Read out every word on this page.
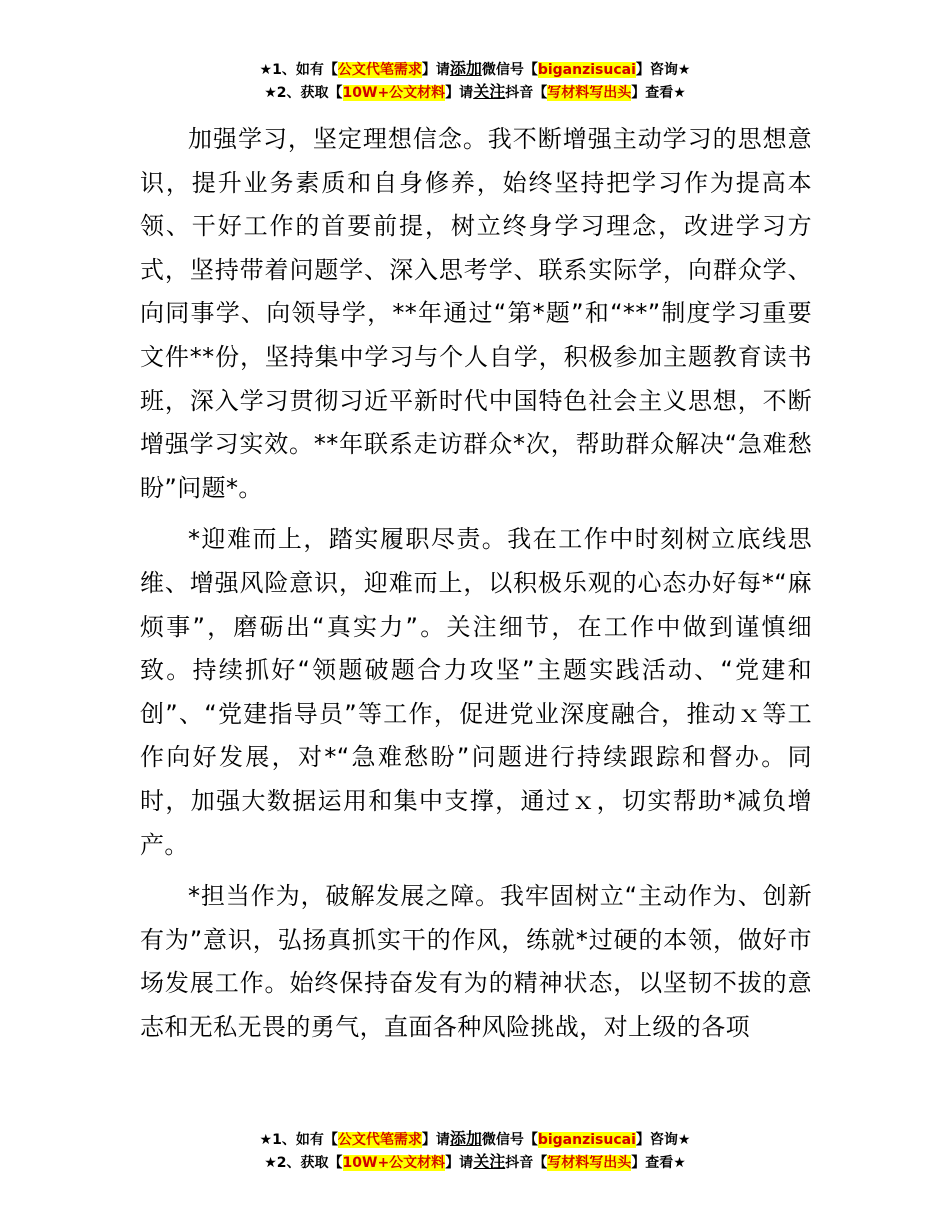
★1、如有【公文代笔需求】请添加微信号【biganzisucai】咨询★
★2、获取【10W+公文材料】请关注抖音【写材料写出头】查看★

加强学习，坚定理想信念。我不断增强主动学习的思想意识，提升业务素质和自身修养，始终坚持把学习作为提高本领、干好工作的首要前提，树立终身学习理念，改进学习方式，坚持带着问题学、深入思考学、联系实际学，向群众学、向同事学、向领导学，**年通过“第*题”和“**”制度学习重要文件**份，坚持集中学习与个人自学，积极参加主题教育读书班，深入学习贯彻习近平新时代中国特色社会主义思想，不断增强学习实效。**年联系走访群众*次，帮助群众解决“急难愁盼”问题*。

*迎难而上，踏实履职尽责。我在工作中时刻树立底线思维、增强风险意识，迎难而上，以积极乐观的心态办好每*“麻烦事”，磨砺出“真实力”。关注细节，在工作中做到谨慎细致。持续抓好“领题破题合力攻坚”主题实践活动、“党建和创”、“党建指导员”等工作，促进党业深度融合，推动ｘ等工作向好发展，对*“急难愁盼”问题进行持续跟踪和督办。同时，加强大数据运用和集中支撑，通过ｘ，切实帮助*减负增产。

*担当作为，破解发展之障。我牢固树立“主动作为、创新有为”意识，弘扬真抓实干的作风，练就*过硬的本领，做好市场发展工作。始终保持奋发有为的精神状态，以坚韧不拔的意志和无私无畏的勇气，直面各种风险挑战，对上级的各项

★1、如有【公文代笔需求】请添加微信号【biganzisucai】咨询★
★2、获取【10W+公文材料】请关注抖音【写材料写出头】查看★
